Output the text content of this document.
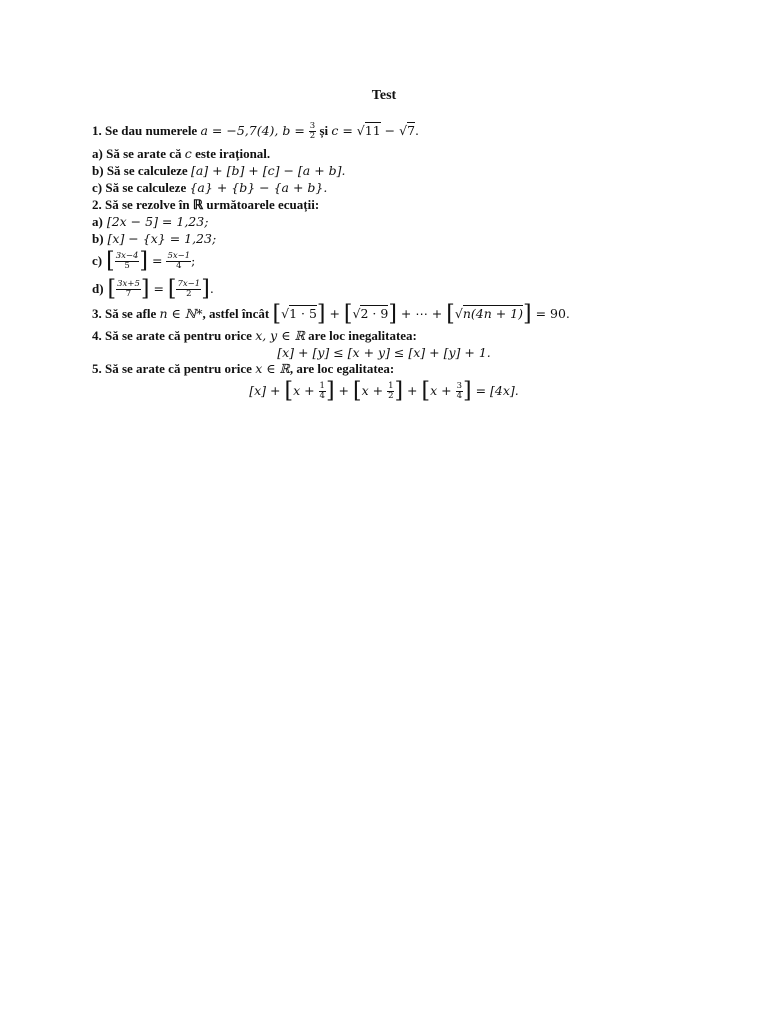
Test
1. Se dau numerele a = −5,7(4), $b = \frac{3}{2}$ și c = √11 − √7.
a) Să se arate că c este irațional.
b) Să se calculeze [a] + [b] + [c] − [a + b].
c) Să se calculeze {a} + {b} − {a + b}.
2. Să se rezolve în ℝ următoarele ecuații:
a) [2x − 5] = 1,23;
b) [x] − {x} = 1,23;
c) [ $\frac{3x-4}{5}$ ] = $\frac{5x-1}{4}$ ;
d) [ $\frac{3x+5}{7}$ ] = [ $\frac{7x-1}{2}$ ].
3. Să se afle n ∈ ℕ*, astfel încât [√1 · 5] + [√2 · 9] + ⋯ + [√n(4n + 1)] = 90.
4. Să se arate că pentru orice x, y ∈ ℝ are loc inegalitatea:
[x] + [y] ≤ [x + y] ≤ [x] + [y] + 1.
5. Să se arate că pentru orice x ∈ ℝ, are loc egalitatea:
$[x] + [x + \frac{1}{4}$ ] + [$x + \frac{1}{2}$ ] + [$x + \frac{3}{4}$ ] = [4x].
